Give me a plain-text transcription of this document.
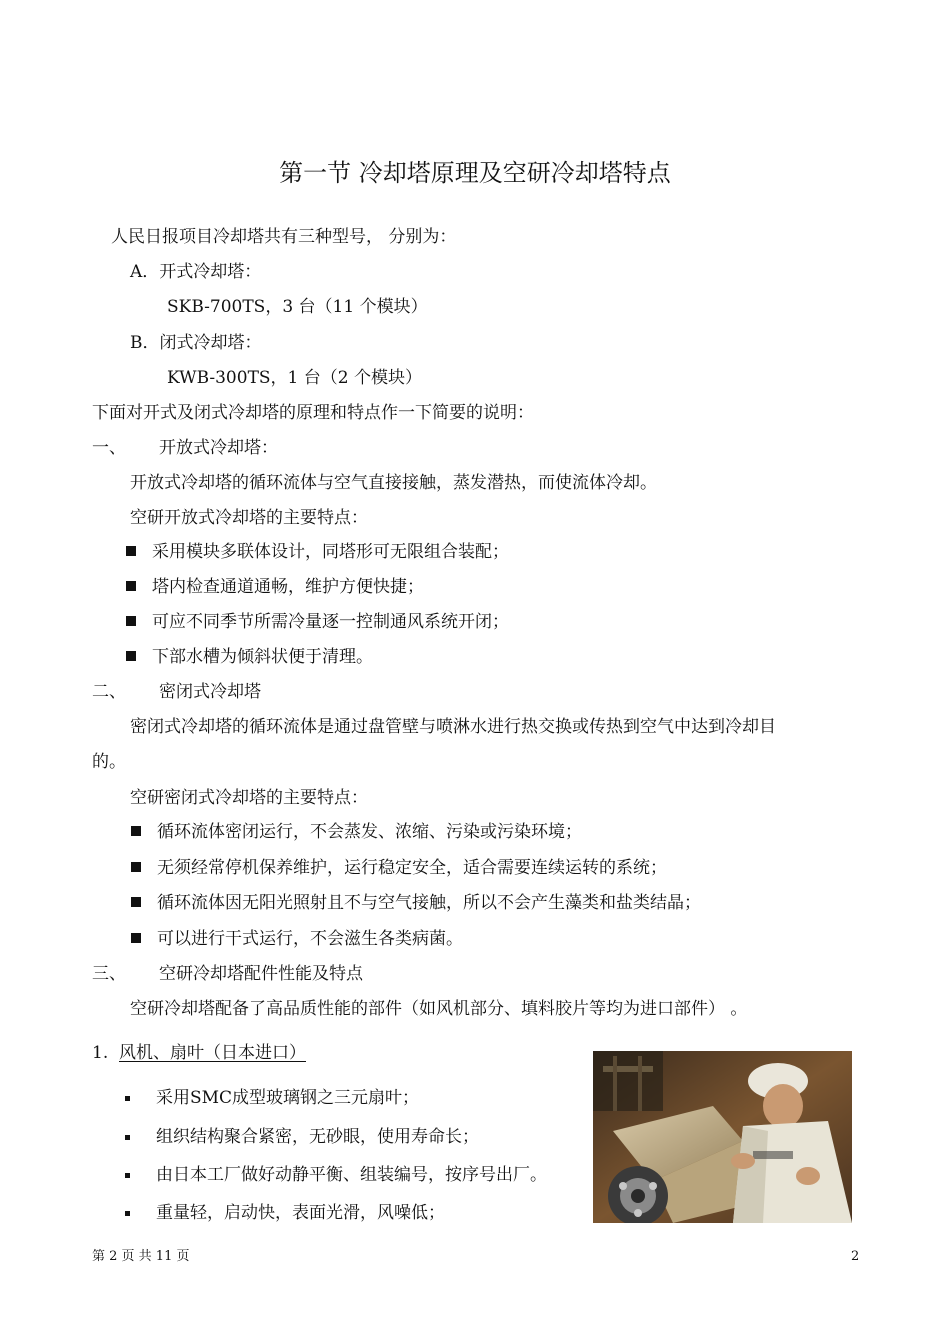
第一节 冷却塔原理及空研冷却塔特点
人民日报项目冷却塔共有三种型号， 分别为：
A．开式冷却塔：
SKB-700TS，3 台（11 个模块）
B．闭式冷却塔：
KWB-300TS，1 台（2 个模块）
下面对开式及闭式冷却塔的原理和特点作一下简要的说明：
一、 开放式冷却塔：
开放式冷却塔的循环流体与空气直接接触，蒸发潜热，而使流体冷却。
空研开放式冷却塔的主要特点：
采用模块多联体设计，同塔形可无限组合装配；
塔内检查通道通畅，维护方便快捷；
可应不同季节所需冷量逐一控制通风系统开闭；
下部水槽为倾斜状便于清理。
二、 密闭式冷却塔
密闭式冷却塔的循环流体是通过盘管壁与喷淋水进行热交换或传热到空气中达到冷却目
的。
空研密闭式冷却塔的主要特点：
循环流体密闭运行，不会蒸发、浓缩、污染或污染环境；
无须经常停机保养维护，运行稳定安全，适合需要连续运转的系统；
循环流体因无阳光照射且不与空气接触，所以不会产生藻类和盐类结晶；
可以进行干式运行，不会滋生各类病菌。
三、 空研冷却塔配件性能及特点
空研冷却塔配备了高品质性能的部件（如风机部分、填料胶片等均为进口部件） 。
1. 风机、扇叶（日本进口）
采用SMC成型玻璃钢之三元扇叶；
组织结构聚合紧密，无砂眼，使用寿命长；
由日本工厂做好动静平衡、组装编号，按序号出厂。
重量轻，启动快，表面光滑，风噪低；
第 2 页 共 11 页	2
